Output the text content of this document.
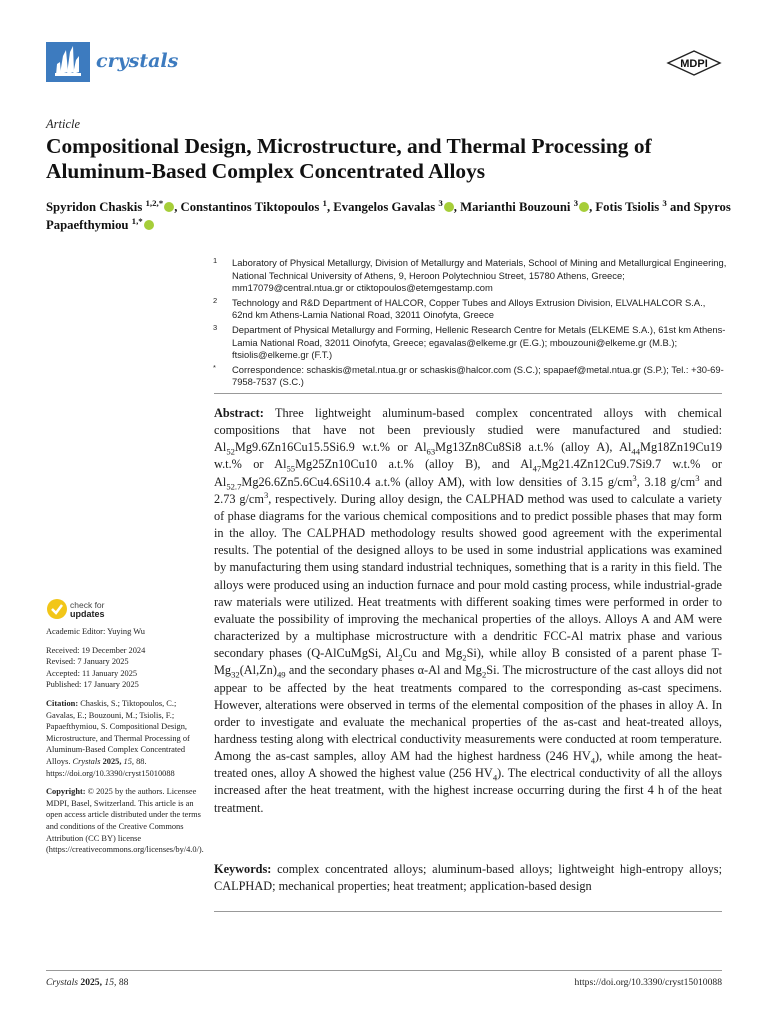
crystals	MDPI
Article
Compositional Design, Microstructure, and Thermal Processing of Aluminum-Based Complex Concentrated Alloys
Spyridon Chaskis $^{1,2,*}$ , Constantinos Tiktopoulos $^1$, Evangelos Gavalas $^3$ , Marianthi Bouzouni $^3$ , Fotis Tsiolis $^3$ and Spyros Papaefthymiou $^{1,*}$
1 Laboratory of Physical Metallurgy, Division of Metallurgy and Materials, School of Mining and Metallurgical Engineering, National Technical University of Athens, 9, Heroon Polytechniou Street, 15780 Athens, Greece; mm17079@central.ntua.gr or ctiktopoulos@etemgestamp.com
2 Technology and R&D Department of HALCOR, Copper Tubes and Alloys Extrusion Division, ELVALHALCOR S.A., 62nd km Athens-Lamia National Road, 32011 Oinofyta, Greece
3 Department of Physical Metallurgy and Forming, Hellenic Research Centre for Metals (ELKEME S.A.), 61st km Athens-Lamia National Road, 32011 Oinofyta, Greece; egavalas@elkeme.gr (E.G.); mbouzouni@elkeme.gr (M.B.); ftsiolis@elkeme.gr (F.T.)
* Correspondence: schaskis@metal.ntua.gr or schaskis@halcor.com (S.C.); spapaef@metal.ntua.gr (S.P.); Tel.: +30-69-7958-7537 (S.C.)
Abstract: Three lightweight aluminum-based complex concentrated alloys with chemical compositions that have not been previously studied were manufactured and studied: $Al_{52}Mg9.6Zn16Cu15.5Si6.9$ w.t.% or $Al_{63}Mg13Zn8Cu8Si8$ a.t.% (alloy A), $Al_{44}Mg18Zn19Cu19$ w.t.% or $Al_{55}Mg25Zn10Cu10$ a.t.% (alloy B), and $Al_{47}Mg21.4Zn12Cu9.7Si9.7$ w.t.% or $Al_{52.7}Mg26.6Zn5.6Cu4.6Si10.4$ a.t.% (alloy AM), with low densities of 3.15 $g/cm^3$, 3.18 $g/cm^3$ and 2.73 $g/cm^3$, respectively. During alloy design, the CALPHAD method was used to calculate a variety of phase diagrams for the various chemical compositions and to predict possible phases that may form in the alloy. The CALPHAD methodology results showed good agreement with the experimental results. The potential of the designed alloys to be used in some industrial applications was examined by manufacturing them using standard industrial techniques, something that is a rarity in this field. The alloys were produced using an induction furnace and pour mold casting process, while industrial-grade raw materials were utilized. Heat treatments with different soaking times were performed in order to evaluate the possibility of improving the mechanical properties of the alloys. Alloys A and AM were characterized by a multiphase microstructure with a dendritic FCC-Al matrix phase and various secondary phases (Q-AlCuMgSi, $Al_2Cu$ and $Mg_2Si$), while alloy B consisted of a parent phase $T-Mg_{32}(Al,Zn)_{49}$ and the secondary phases α-Al and $Mg_2Si$. The microstructure of the cast alloys did not appear to be affected by the heat treatments compared to the corresponding as-cast specimens. However, alterations were observed in terms of the elemental composition of the phases in alloy A. In order to investigate and evaluate the mechanical properties of the as-cast and heat-treated alloys, hardness testing along with electrical conductivity measurements were conducted at room temperature. Among the as-cast samples, alloy AM had the highest hardness (246 $HV_4$), while among the heat-treated ones, alloy A showed the highest value (256 $HV_4$). The electrical conductivity of all the alloys increased after the heat treatment, with the highest increase occurring during the first 4 h of the heat treatment.
Keywords: complex concentrated alloys; aluminum-based alloys; lightweight high-entropy alloys; CALPHAD; mechanical properties; heat treatment; application-based design
check for
updates
Academic Editor: Yuying Wu
Received: 19 December 2024
Revised: 7 January 2025
Accepted: 11 January 2025
Published: 17 January 2025
Citation: Chaskis, S.; Tiktopoulos, C.; Gavalas, E.; Bouzouni, M.; Tsiolis, F.; Papaefthymiou, S. Compositional Design, Microstructure, and Thermal Processing of Aluminum-Based Complex Concentrated Alloys. Crystals 2025, 15, 88. https://doi.org/10.3390/cryst15010088
Copyright: © 2025 by the authors. Licensee MDPI, Basel, Switzerland. This article is an open access article distributed under the terms and conditions of the Creative Commons Attribution (CC BY) license (https://creativecommons.org/licenses/by/4.0/).
Crystals 2025, 15, 88	https://doi.org/10.3390/cryst15010088
